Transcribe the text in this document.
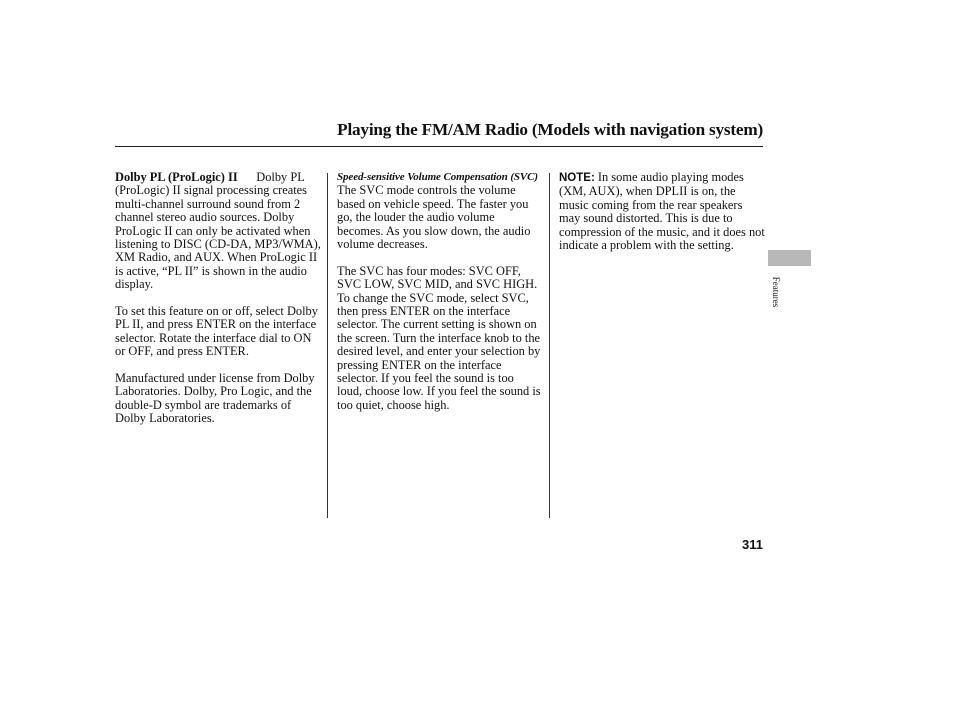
Playing the FM/AM Radio (Models with navigation system)

Dolby PL (ProLogic) II Dolby PL (ProLogic) II signal processing creates multi-channel surround sound from 2 channel stereo audio sources. Dolby ProLogic II can only be activated when listening to DISC (CD-DA, MP3/WMA), XM Radio, and AUX. When ProLogic II is active, “PL II” is shown in the audio display.

To set this feature on or off, select Dolby PL II, and press ENTER on the interface selector. Rotate the interface dial to ON or OFF, and press ENTER.

Manufactured under license from Dolby Laboratories. Dolby, Pro Logic, and the double-D symbol are trademarks of Dolby Laboratories.

Speed-sensitive Volume Compensation (SVC)

The SVC mode controls the volume based on vehicle speed. The faster you go, the louder the audio volume becomes. As you slow down, the audio volume decreases.

The SVC has four modes: SVC OFF, SVC LOW, SVC MID, and SVC HIGH. To change the SVC mode, select SVC, then press ENTER on the interface selector. The current setting is shown on the screen. Turn the interface knob to the desired level, and enter your selection by pressing ENTER on the interface selector. If you feel the sound is too loud, choose low. If you feel the sound is too quiet, choose high.

NOTE: In some audio playing modes (XM, AUX), when DPLII is on, the music coming from the rear speakers may sound distorted. This is due to compression of the music, and it does not indicate a problem with the setting.

Features
311
